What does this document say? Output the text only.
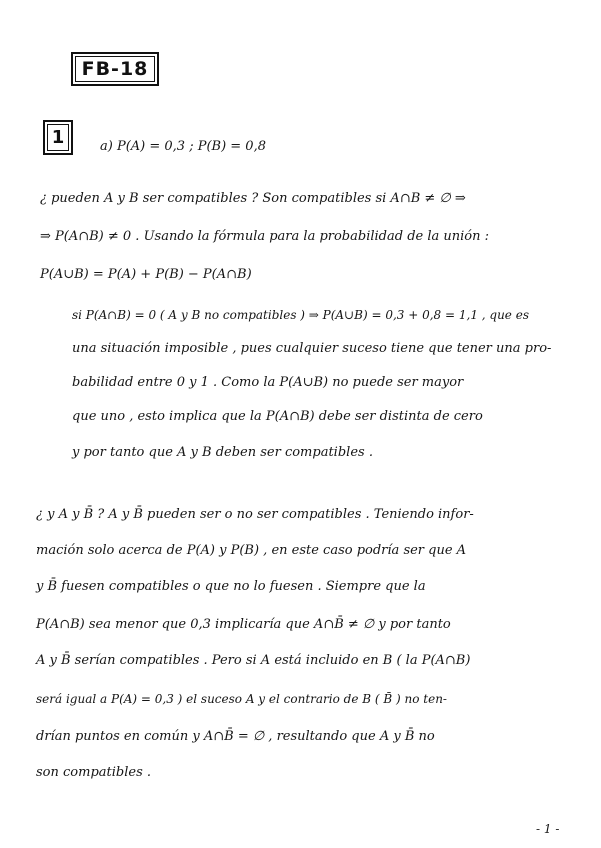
FB-18
1	a) P(A) = 0,3 ; P(B) = 0,8
¿ pueden A y B ser compatibles ? Son compatibles si A∩B ≠ ∅ ⇒
⇒ P(A∩B) ≠ 0 . Usando la fórmula para la probabilidad de la unión :
P(A∪B) = P(A) + P(B) − P(A∩B)
si P(A∩B) = 0 ( A y B no compatibles ) ⇒ P(A∪B) = 0,3 + 0,8 = 1,1 , que es
una situación imposible , pues cualquier suceso tiene que tener una pro-
babilidad entre 0 y 1 . Como la P(A∪B) no puede ser mayor
que uno , esto implica que la P(A∩B) debe ser distinta de cero
y por tanto que A y B deben ser compatibles .
¿ y A y B̄ ? A y B̄ pueden ser o no ser compatibles . Teniendo infor-
mación solo acerca de P(A) y P(B) , en este caso podría ser que A
y B̄ fuesen compatibles o que no lo fuesen . Siempre que la
P(A∩B) sea menor que 0,3 implicaría que A∩B̄ ≠ ∅ y por tanto
A y B̄ serían compatibles . Pero si A está incluido en B ( la P(A∩B)
será igual a P(A) = 0,3 ) el suceso A y el contrario de B ( B̄ ) no ten-
drían puntos en común y A∩B̄ = ∅ , resultando que A y B̄ no
son compatibles .
- 1 -
